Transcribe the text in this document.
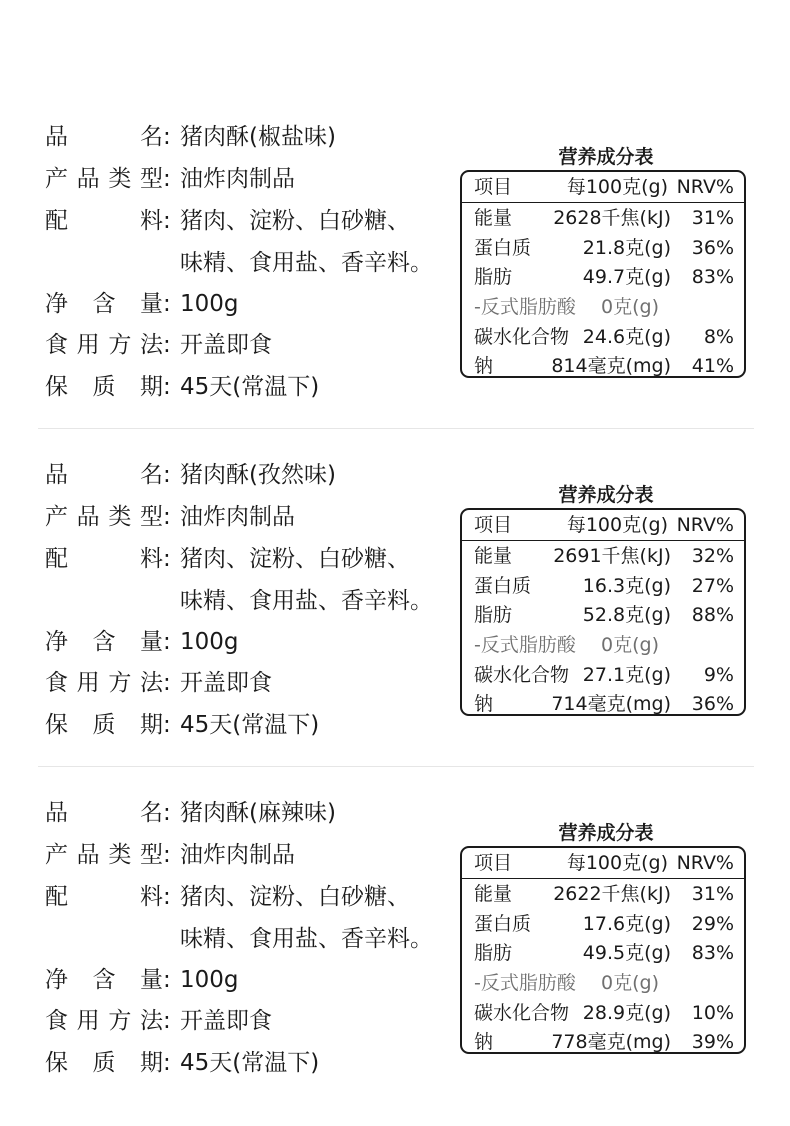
品	名 : 猪肉酥(椒盐味)
产 品 类 型 : 油炸肉制品
配	料 : 猪肉、淀粉、白砂糖、
味精、食用盐、香辛料。
净 含 量 : 100g
食 用 方 法 : 开盖即食
保 质 期 : 45天(常温下)
营养成分表
项目	每100克(g) NRV%
能量 2628千焦(kJ) 31%
蛋白质	21.8克(g) 36%
脂肪	49.7克(g) 83%
-反式脂肪酸 0克(g)
碳水化合物 24.6克(g) 8%
钠	814毫克(mg) 41%
品	名 : 猪肉酥(孜然味)
产 品 类 型 : 油炸肉制品
配	料 : 猪肉、淀粉、白砂糖、
味精、食用盐、香辛料。
净 含 量 : 100g
食 用 方 法 : 开盖即食
保 质 期 : 45天(常温下)
营养成分表
项目	每100克(g) NRV%
能量 2691千焦(kJ) 32%
蛋白质	16.3克(g) 27%
脂肪	52.8克(g) 88%
-反式脂肪酸 0克(g)
碳水化合物 27.1克(g) 9%
钠	714毫克(mg) 36%
品	名 : 猪肉酥(麻辣味)
产 品 类 型 : 油炸肉制品
配	料 : 猪肉、淀粉、白砂糖、
味精、食用盐、香辛料。
净 含 量 : 100g
食 用 方 法 : 开盖即食
保 质 期 : 45天(常温下)
营养成分表
项目	每100克(g) NRV%
能量 2622千焦(kJ) 31%
蛋白质	17.6克(g) 29%
脂肪	49.5克(g) 83%
-反式脂肪酸 0克(g)
碳水化合物 28.9克(g) 10%
钠	778毫克(mg) 39%
